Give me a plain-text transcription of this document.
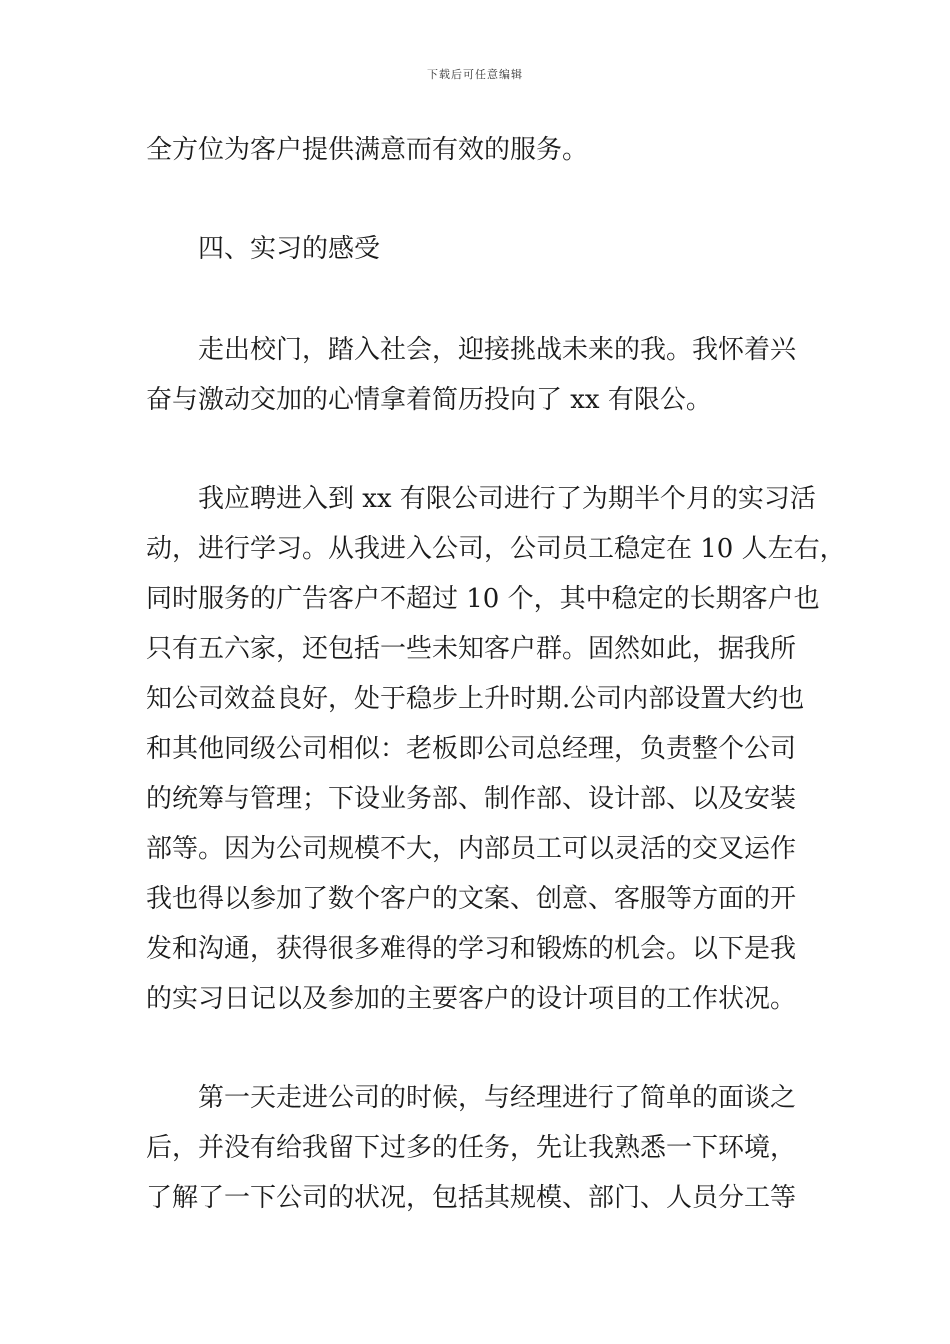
下载后可任意编辑
全方位为客户提供满意而有效的服务。
四、实习的感受
走出校门，踏入社会，迎接挑战未来的我。我怀着兴
奋与激动交加的心情拿着简历投向了 xx 有限公。
我应聘进入到 xx 有限公司进行了为期半个月的实习活
动，进行学习。从我进入公司，公司员工稳定在 10 人左右，
同时服务的广告客户不超过 10 个，其中稳定的长期客户也
只有五六家，还包括一些未知客户群。固然如此，据我所
知公司效益良好，处于稳步上升时期.公司内部设置大约也
和其他同级公司相似：老板即公司总经理，负责整个公司
的统筹与管理；下设业务部、制作部、设计部、以及安装
部等。因为公司规模不大，内部员工可以灵活的交叉运作
我也得以参加了数个客户的文案、创意、客服等方面的开
发和沟通，获得很多难得的学习和锻炼的机会。以下是我
的实习日记以及参加的主要客户的设计项目的工作状况。
第一天走进公司的时候，与经理进行了简单的面谈之
后，并没有给我留下过多的任务，先让我熟悉一下环境，
了解了一下公司的状况，包括其规模、部门、人员分工等
